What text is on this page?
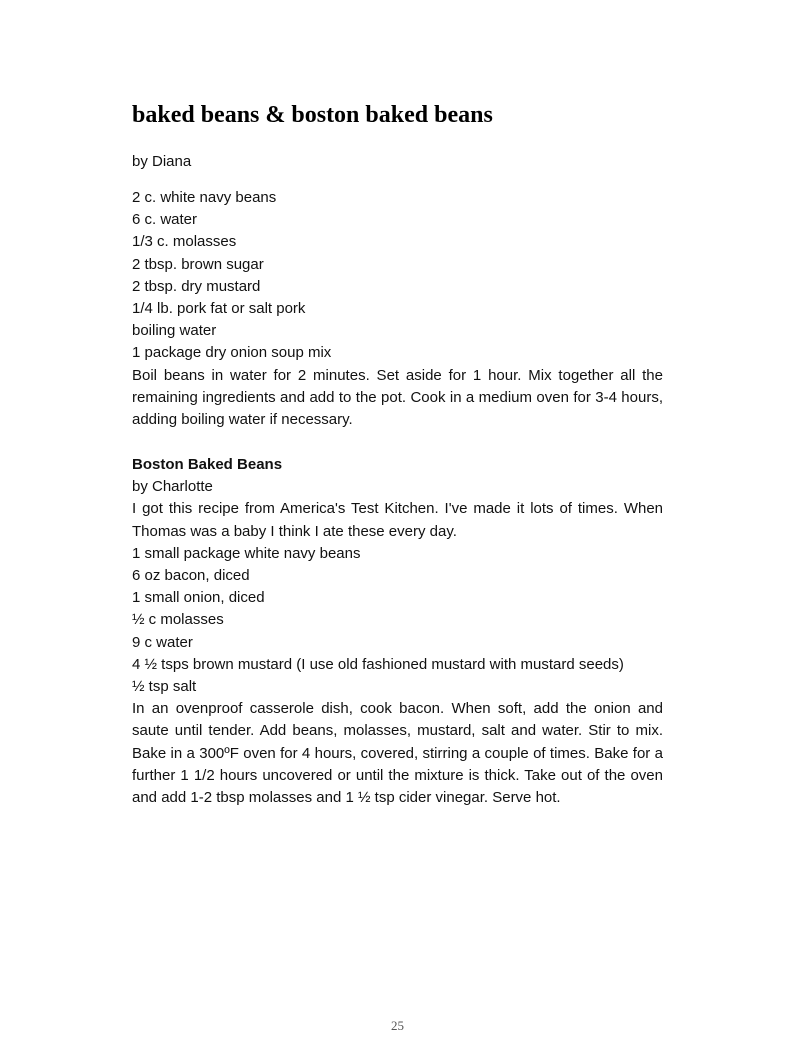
baked beans & boston baked beans
by Diana
2 c. white navy beans
6 c. water
1/3 c. molasses
2 tbsp. brown sugar
2 tbsp. dry mustard
1/4 lb. pork fat or salt pork
boiling water
1 package dry onion soup mix
Boil beans in water for 2 minutes. Set aside for 1 hour. Mix together all the remaining ingredients and add to the pot. Cook in a medium oven for 3-4 hours, adding boiling water if necessary.
Boston Baked Beans
by Charlotte
I got this recipe from America's Test Kitchen. I've made it lots of times. When Thomas was a baby I think I ate these every day.
1 small package white navy beans
6 oz bacon, diced
1 small onion, diced
½ c molasses
9 c water
4 ½ tsps brown mustard (I use old fashioned mustard with mustard seeds)
½ tsp salt
In an ovenproof casserole dish, cook bacon. When soft, add the onion and saute until tender. Add beans, molasses, mustard, salt and water. Stir to mix. Bake in a 300ºF oven for 4 hours, covered, stirring a couple of times. Bake for a further 1 1/2 hours uncovered or until the mixture is thick. Take out of the oven and add 1-2 tbsp molasses and 1 ½ tsp cider vinegar. Serve hot.
25
